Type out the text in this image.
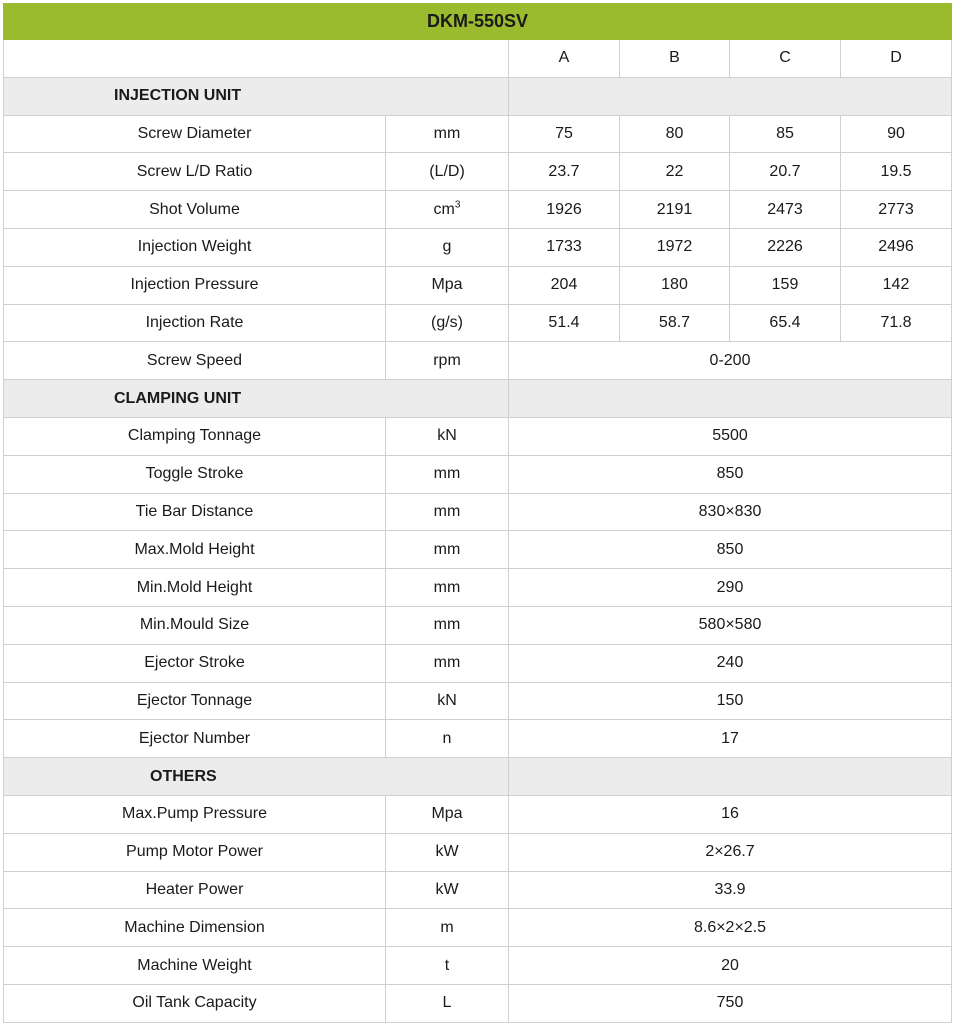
DKM-550SV					
		A	B	C	D
INJECTION UNIT					
Screw Diameter	mm	75	80	85	90
Screw L/D Ratio	(L/D)	23.7	22	20.7	19.5
Shot Volume	$cm^3$	1926	2191	2473	2773
Injection Weight	g	1733	1972	2226	2496
Injection Pressure	Mpa	204	180	159	142
Injection Rate	(g/s)	51.4	58.7	65.4	71.8
Screw Speed	rpm	0-200			
CLAMPING UNIT					
Clamping Tonnage	kN	5500			
Toggle Stroke	mm	850			
Tie Bar Distance	mm	830×830			
Max.Mold Height	mm	850			
Min.Mold Height	mm	290			
Min.Mould Size	mm	580×580			
Ejector Stroke	mm	240			
Ejector Tonnage	kN	150			
Ejector Number	n	17			
OTHERS					
Max.Pump Pressure	Mpa	16			
Pump Motor Power	kW	2×26.7			
Heater Power	kW	33.9			
Machine Dimension	m	8.6×2×2.5			
Machine Weight	t	20			
Oil Tank Capacity	L	750			
